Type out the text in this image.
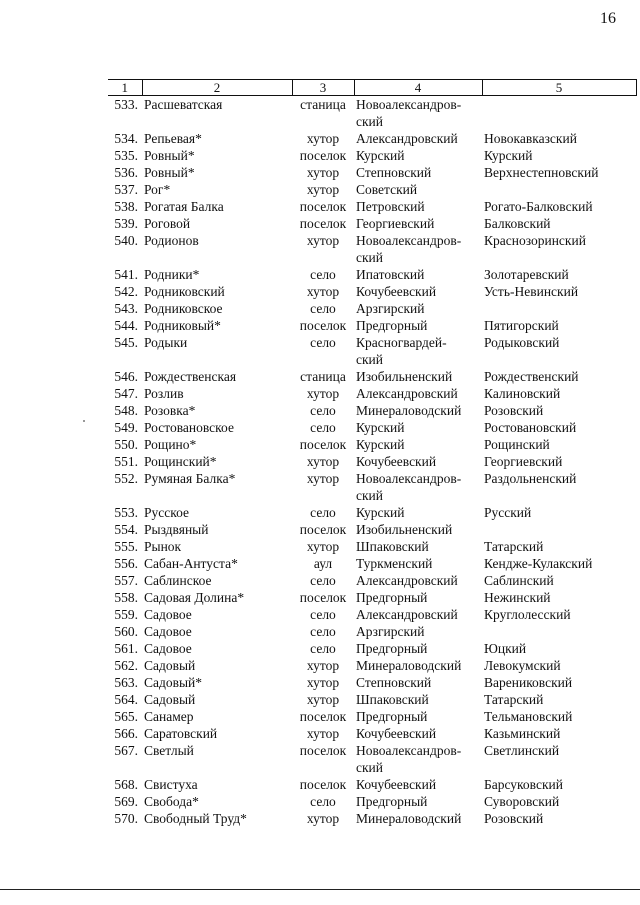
16
1	2	3	4	5
533.	Расшеватская	станица	Новоалександров-
ский	

534.	Репьевая*	хутор	Александровский	Новокавказский
535.	Ровный*	поселок	Курский	Курский
536.	Ровный*	хутор	Степновский	Верхнестепновский
537.	Рог*	хутор	Советский	

538.	Рогатая Балка	поселок	Петровский	Рогато-Балковский
539.	Роговой	поселок	Георгиевский	Балковский
540.	Родионов	хутор	Новоалександров-
ский	Краснозоринский
541.	Родники*	село	Ипатовский	Золотаревский
542.	Родниковский	хутор	Кочубеевский	Усть-Невинский
543.	Родниковское	село	Арзгирский	

544.	Родниковый*	поселок	Предгорный	Пятигорский
545.	Родыки	село	Красногвардей-
ский	Родыковский
546.	Рождественская	станица	Изобильненский	Рождественский
547.	Розлив	хутор	Александровский	Калиновский
548.	Розовка*	село	Минераловодский	Розовский
549.	Ростовановское	село	Курский	Ростовановский
550.	Рощино*	поселок	Курский	Рощинский
551.	Рощинский*	хутор	Кочубеевский	Георгиевский
552.	Румяная Балка*	хутор	Новоалександров-
ский	Раздольненский
553.	Русское	село	Курский	Русский
554.	Рыздвяный	поселок	Изобильненский	

555.	Рынок	хутор	Шпаковский	Татарский
556.	Сабан-Антуста*	аул	Туркменский	Кендже-Кулакский
557.	Саблинское	село	Александровский	Саблинский
558.	Садовая Долина*	поселок	Предгорный	Нежинский
559.	Садовое	село	Александровский	Круглолесский
560.	Садовое	село	Арзгирский	

561.	Садовое	село	Предгорный	Юцкий
562.	Садовый	хутор	Минераловодский	Левокумский
563.	Садовый*	хутор	Степновский	Варениковский
564.	Садовый	хутор	Шпаковский	Татарский
565.	Санамер	поселок	Предгорный	Тельмановский
566.	Саратовский	хутор	Кочубеевский	Казьминский
567.	Светлый	поселок	Новоалександров-
ский	Светлинский
568.	Свистуха	поселок	Кочубеевский	Барсуковский
569.	Свобода*	село	Предгорный	Суворовский
570.	Свободный Труд*	хутор	Минераловодский	Розовский
